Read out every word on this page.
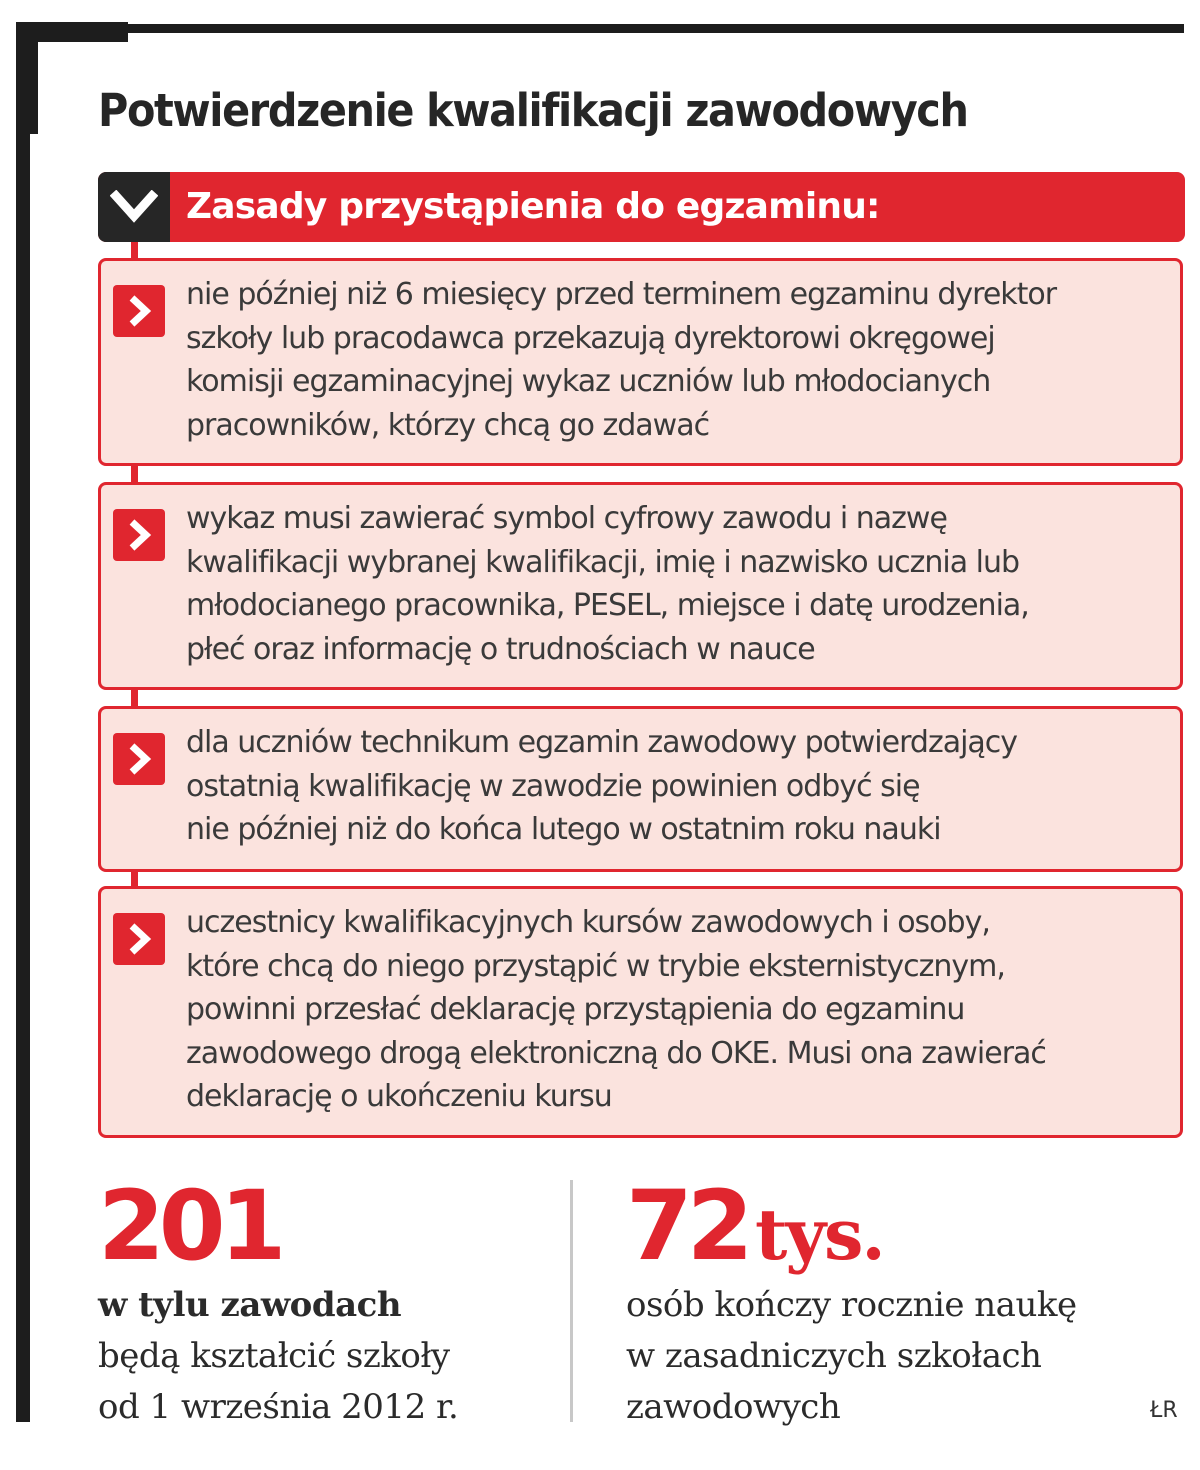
Potwierdzenie kwalifikacji zawodowych
Zasady przystąpienia do egzaminu:
nie później niż 6 miesięcy przed terminem egzaminu dyrektor
szkoły lub pracodawca przekazują dyrektorowi okręgowej
komisji egzaminacyjnej wykaz uczniów lub młodocianych
pracowników, którzy chcą go zdawać
wykaz musi zawierać symbol cyfrowy zawodu i nazwę
kwalifikacji wybranej kwalifikacji, imię i nazwisko ucznia lub
młodocianego pracownika, PESEL, miejsce i datę urodzenia,
płeć oraz informację o trudnościach w nauce
dla uczniów technikum egzamin zawodowy potwierdzający
ostatnią kwalifikację w zawodzie powinien odbyć się
nie później niż do końca lutego w ostatnim roku nauki
uczestnicy kwalifikacyjnych kursów zawodowych i osoby,
które chcą do niego przystąpić w trybie eksternistycznym,
powinni przesłać deklarację przystąpienia do egzaminu
zawodowego drogą elektroniczną do OKE. Musi ona zawierać
deklarację o ukończeniu kursu
201
w tylu zawodach
będą kształcić szkoły
od 1 września 2012 r.
72 tys.
osób kończy rocznie naukę
w zasadniczych szkołach
zawodowych	ŁR
